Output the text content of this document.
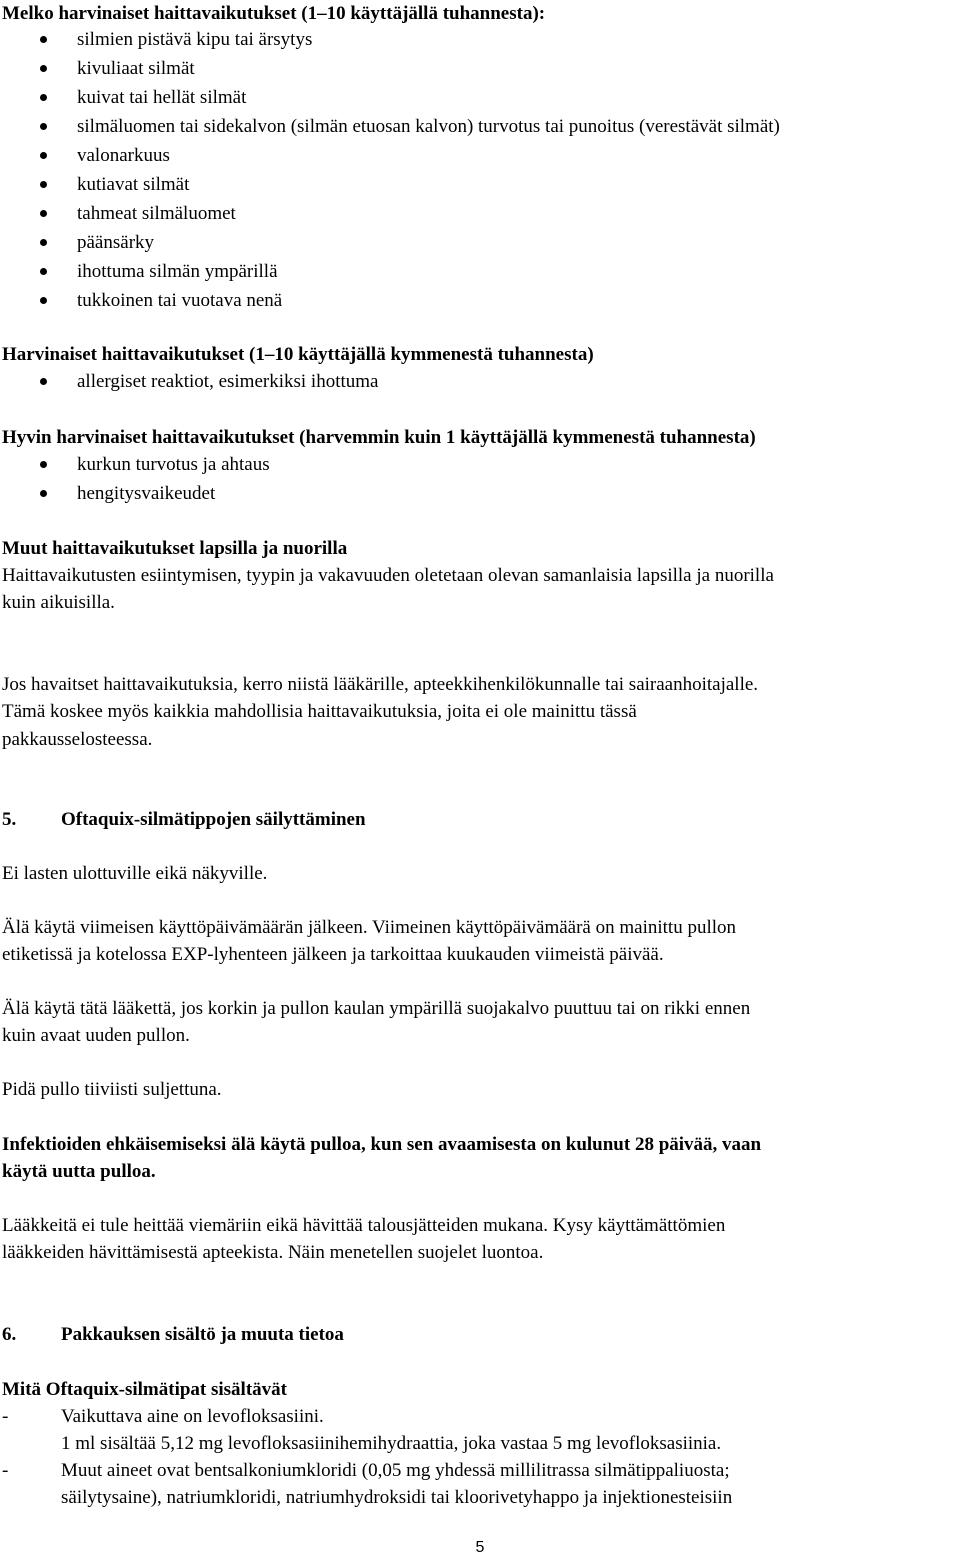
Melko harvinaiset haittavaikutukset (1–10 käyttäjällä tuhannesta):
silmien pistävä kipu tai ärsytys
kivuliaat silmät
kuivat tai hellät silmät
silmäluomen tai sidekalvon (silmän etuosan kalvon) turvotus tai punoitus (verestävät silmät)
valonarkuus
kutiavat silmät
tahmeat silmäluomet
päänsärky
ihottuma silmän ympärillä
tukkoinen tai vuotava nenä
Harvinaiset haittavaikutukset (1–10 käyttäjällä kymmenestä tuhannesta)
allergiset reaktiot, esimerkiksi ihottuma
Hyvin harvinaiset haittavaikutukset (harvemmin kuin 1 käyttäjällä kymmenestä tuhannesta)
kurkun turvotus ja ahtaus
hengitysvaikeudet
Muut haittavaikutukset lapsilla ja nuorilla
Haittavaikutusten esiintymisen, tyypin ja vakavuuden oletetaan olevan samanlaisia lapsilla ja nuorilla
kuin aikuisilla.
Jos havaitset haittavaikutuksia, kerro niistä lääkärille, apteekkihenkilökunnalle tai sairaanhoitajalle.
Tämä koskee myös kaikkia mahdollisia haittavaikutuksia, joita ei ole mainittu tässä
pakkausselosteessa.
5. Oftaquix-silmätippojen säilyttäminen
Ei lasten ulottuville eikä näkyville.
Älä käytä viimeisen käyttöpäivämäärän jälkeen. Viimeinen käyttöpäivämäärä on mainittu pullon
etiketissä ja kotelossa EXP-lyhenteen jälkeen ja tarkoittaa kuukauden viimeistä päivää.
Älä käytä tätä lääkettä, jos korkin ja pullon kaulan ympärillä suojakalvo puuttuu tai on rikki ennen
kuin avaat uuden pullon.
Pidä pullo tiiviisti suljettuna.
Infektioiden ehkäisemiseksi älä käytä pulloa, kun sen avaamisesta on kulunut 28 päivää, vaan
käytä uutta pulloa.
Lääkkeitä ei tule heittää viemäriin eikä hävittää talousjätteiden mukana. Kysy käyttämättömien
lääkkeiden hävittämisestä apteekista. Näin menetellen suojelet luontoa.
6. Pakkauksen sisältö ja muuta tietoa
Mitä Oftaquix-silmätipat sisältävät
-	Vaikuttava aine on levofloksasiini.
1 ml sisältää 5,12 mg levofloksasiinihemihydraattia, joka vastaa 5 mg levofloksasiinia.
-	Muut aineet ovat bentsalkoniumkloridi (0,05 mg yhdessä millilitrassa silmätippaliuosta;
säilytysaine), natriumkloridi, natriumhydroksidi tai kloorivetyhappo ja injektionesteisiin
5
